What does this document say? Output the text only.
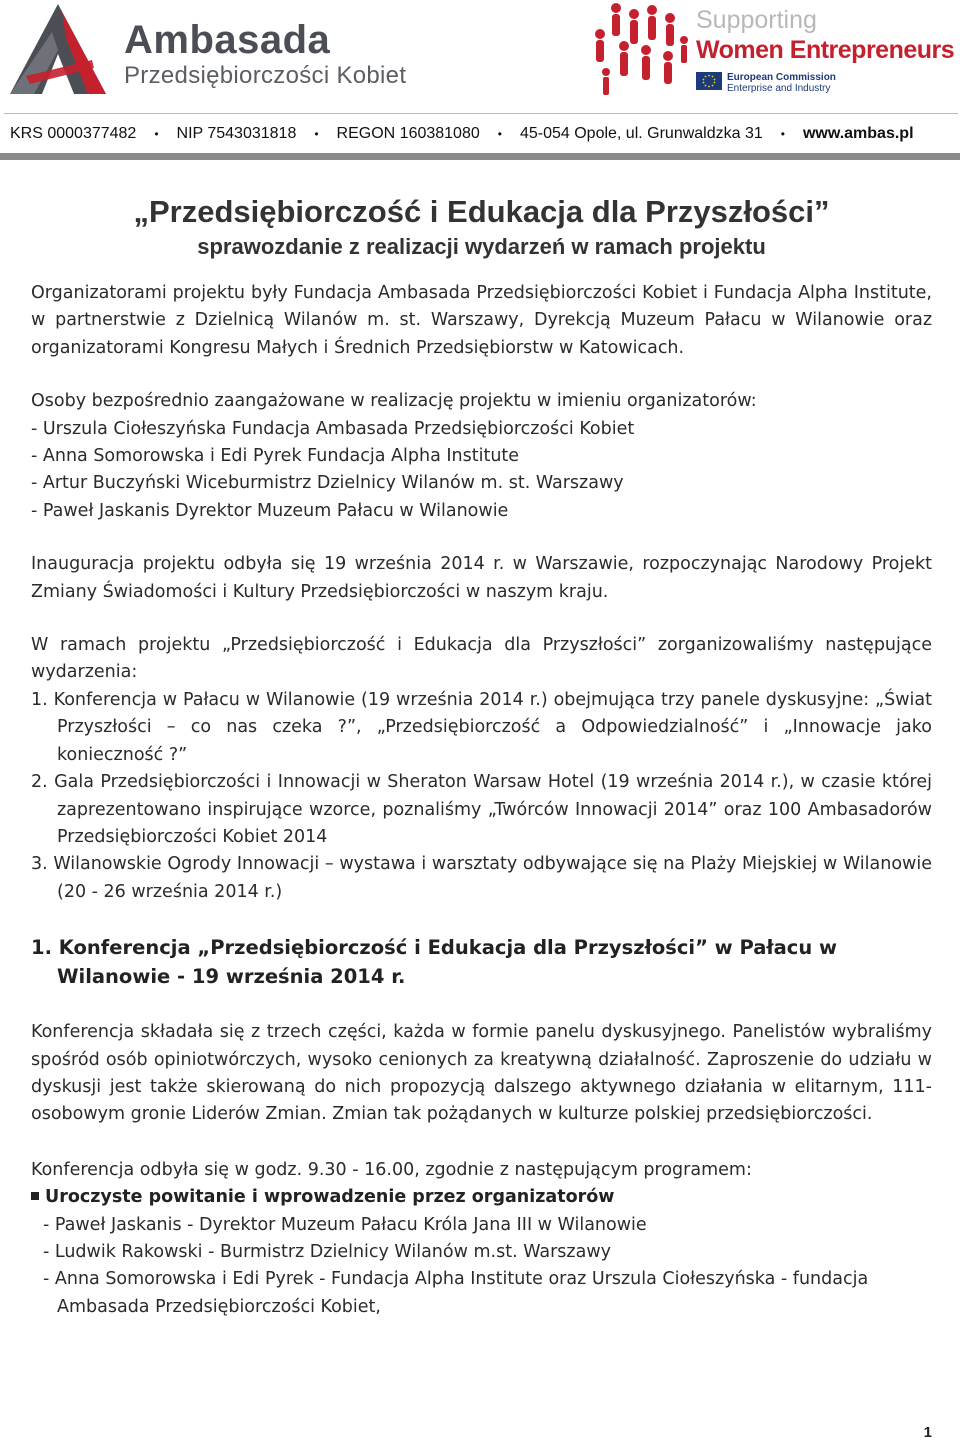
Ambasada
Przedsiębiorczości Kobiet
Supporting
Women Entrepreneurs
European Commission
Enterprise and Industry
KRS 0000377482	•	NIP 7543031818	•	REGON 160381080	•	45-054 Opole, ul. Grunwaldzka 31	•	www.ambas.pl
„Przedsiębiorczość i Edukacja dla Przyszłości”
sprawozdanie z realizacji wydarzeń w ramach projektu

Organizatorami projektu były Fundacja Ambasada Przedsiębiorczości Kobiet i Fundacja Alpha Institute, w partnerstwie z Dzielnicą Wilanów m. st. Warszawy, Dyrekcją Muzeum Pałacu w Wilanowie oraz organizatorami Kongresu Małych i Średnich Przedsiębiorstw w Katowicach.

Osoby bezpośrednio zaangażowane w realizację projektu w imieniu organizatorów:

- Urszula Ciołeszyńska Fundacja Ambasada Przedsiębiorczości Kobiet

- Anna Somorowska i Edi Pyrek Fundacja Alpha Institute

- Artur Buczyński Wiceburmistrz Dzielnicy Wilanów m. st. Warszawy

- Paweł Jaskanis Dyrektor Muzeum Pałacu w Wilanowie

Inauguracja projektu odbyła się 19 września 2014 r. w Warszawie, rozpoczynając Narodowy Projekt Zmiany Świadomości i Kultury Przedsiębiorczości w naszym kraju.

W ramach projektu „Przedsiębiorczość i Edukacja dla Przyszłości” zorganizowaliśmy następujące wydarzenia:

1. Konferencja w Pałacu w Wilanowie (19 września 2014 r.) obejmująca trzy panele dyskusyjne: „Świat Przyszłości – co nas czeka ?”, „Przedsiębiorczość a Odpowiedzialność” i „Innowacje jako konieczność ?”
2. Gala Przedsiębiorczości i Innowacji w Sheraton Warsaw Hotel (19 września 2014 r.), w czasie której zaprezentowano inspirujące wzorce, poznaliśmy „Twórców Innowacji 2014” oraz 100 Ambasadorów Przedsiębiorczości Kobiet 2014
3. Wilanowskie Ogrody Innowacji – wystawa i warsztaty odbywające się na Plaży Miejskiej w Wilanowie (20 - 26 września 2014 r.)
1. Konferencja „Przedsiębiorczość i Edukacja dla Przyszłości” w Pałacu w Wilanowie - 19 września 2014 r.

Konferencja składała się z trzech części, każda w formie panelu dyskusyjnego. Panelistów wybraliśmy spośród osób opiniotwórczych, wysoko cenionych za kreatywną działalność. Zaproszenie do udziału w dyskusji jest także skierowaną do nich propozycją dalszego aktywnego działania w elitarnym, 111-osobowym gronie Liderów Zmian. Zmian tak pożądanych w kulturze polskiej przedsiębiorczości.

Konferencja odbyła się w godz. 9.30 - 16.00, zgodnie z następującym programem:

Uroczyste powitanie i wprowadzenie przez organizatorów
- Paweł Jaskanis - Dyrektor Muzeum Pałacu Króla Jana III w Wilanowie
- Ludwik Rakowski - Burmistrz Dzielnicy Wilanów m.st. Warszawy
- Anna Somorowska i Edi Pyrek - Fundacja Alpha Institute oraz Urszula Ciołeszyńska - fundacja Ambasada Przedsiębiorczości Kobiet,
1
